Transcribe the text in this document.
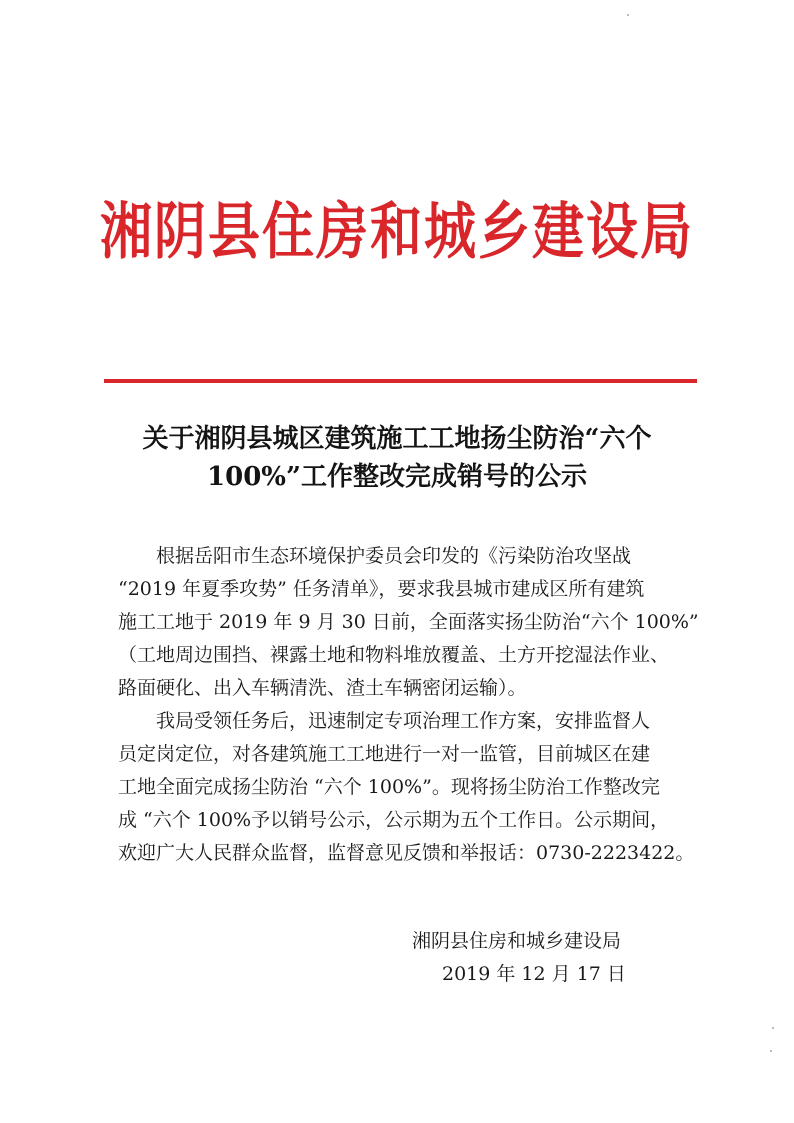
湘阴县住房和城乡建设局
关于湘阴县城区建筑施工工地扬尘防治“六个
100%”工作整改完成销号的公示
根据岳阳市生态环境保护委员会印发的《污染防治攻坚战
“2019 年夏季攻势” 任务清单》，要求我县城市建成区所有建筑
施工工地于 2019 年 9 月 30 日前，全面落实扬尘防治“六个 100%”
（工地周边围挡、裸露土地和物料堆放覆盖、土方开挖湿法作业、
路面硬化、出入车辆清洗、渣土车辆密闭运输）。
我局受领任务后，迅速制定专项治理工作方案，安排监督人
员定岗定位，对各建筑施工工地进行一对一监管，目前城区在建
工地全面完成扬尘防治 “六个 100%”。现将扬尘防治工作整改完
成 “六个 100%予以销号公示，公示期为五个工作日。公示期间，
欢迎广大人民群众监督，监督意见反馈和举报话：0730-2223422。
湘阴县住房和城乡建设局
2019 年 12 月 17 日
